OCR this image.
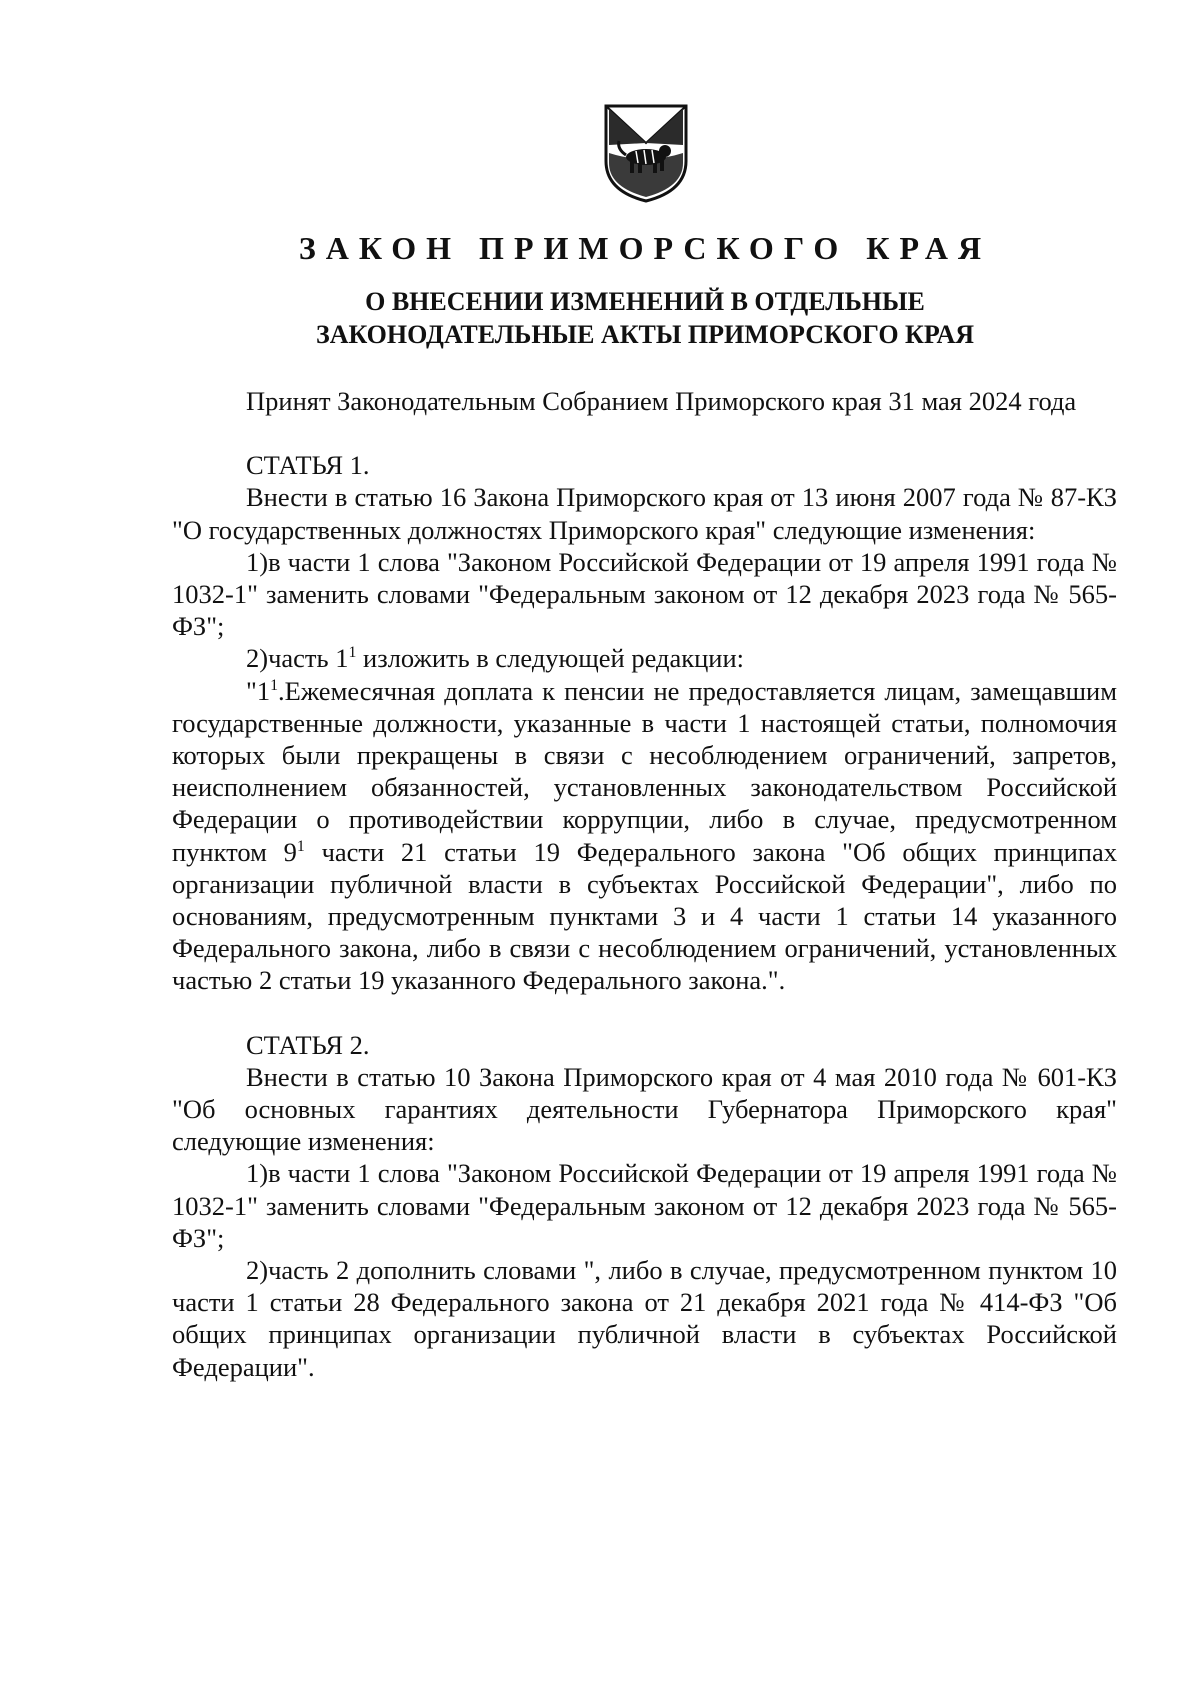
ЗАКОН ПРИМОРСКОГО КРАЯ
О ВНЕСЕНИИ ИЗМЕНЕНИЙ В ОТДЕЛЬНЫЕ
ЗАКОНОДАТЕЛЬНЫЕ АКТЫ ПРИМОРСКОГО КРАЯ

Принят Законодательным Собранием Приморского края 31 мая 2024 года

СТАТЬЯ 1.

Внести в статью 16 Закона Приморского края от 13 июня 2007 года № 87-КЗ "О государственных должностях Приморского края" следующие изменения:

1)в части 1 слова "Законом Российской Федерации от 19 апреля 1991 года № 1032-1" заменить словами "Федеральным законом от 12 декабря 2023 года № 565-ФЗ";

2)часть $1^1$ изложить в следующей редакции:

"$1^1.Ежемесячная$ доплата к пенсии не предоставляется лицам, замещавшим государственные должности, указанные в части 1 настоящей статьи, полномочия которых были прекращены в связи с несоблюдением ограничений, запретов, неисполнением обязанностей, установленных законодательством Российской Федерации о противодействии коррупции, либо в случае, предусмотренном пунктом $9^1$ части 21 статьи 19 Федерального закона "Об общих принципах организации публичной власти в субъектах Российской Федерации", либо по основаниям, предусмотренным пунктами 3 и 4 части 1 статьи 14 указанного Федерального закона, либо в связи с несоблюдением ограничений, установленных частью 2 статьи 19 указанного Федерального закона.".

СТАТЬЯ 2.

Внести в статью 10 Закона Приморского края от 4 мая 2010 года № 601-КЗ "Об основных гарантиях деятельности Губернатора Приморского края" следующие изменения:

1)в части 1 слова "Законом Российской Федерации от 19 апреля 1991 года № 1032-1" заменить словами "Федеральным законом от 12 декабря 2023 года № 565-ФЗ";

2)часть 2 дополнить словами ", либо в случае, предусмотренном пунктом 10 части 1 статьи 28 Федерального закона от 21 декабря 2021 года № 414-ФЗ "Об общих принципах организации публичной власти в субъектах Российской Федерации".
